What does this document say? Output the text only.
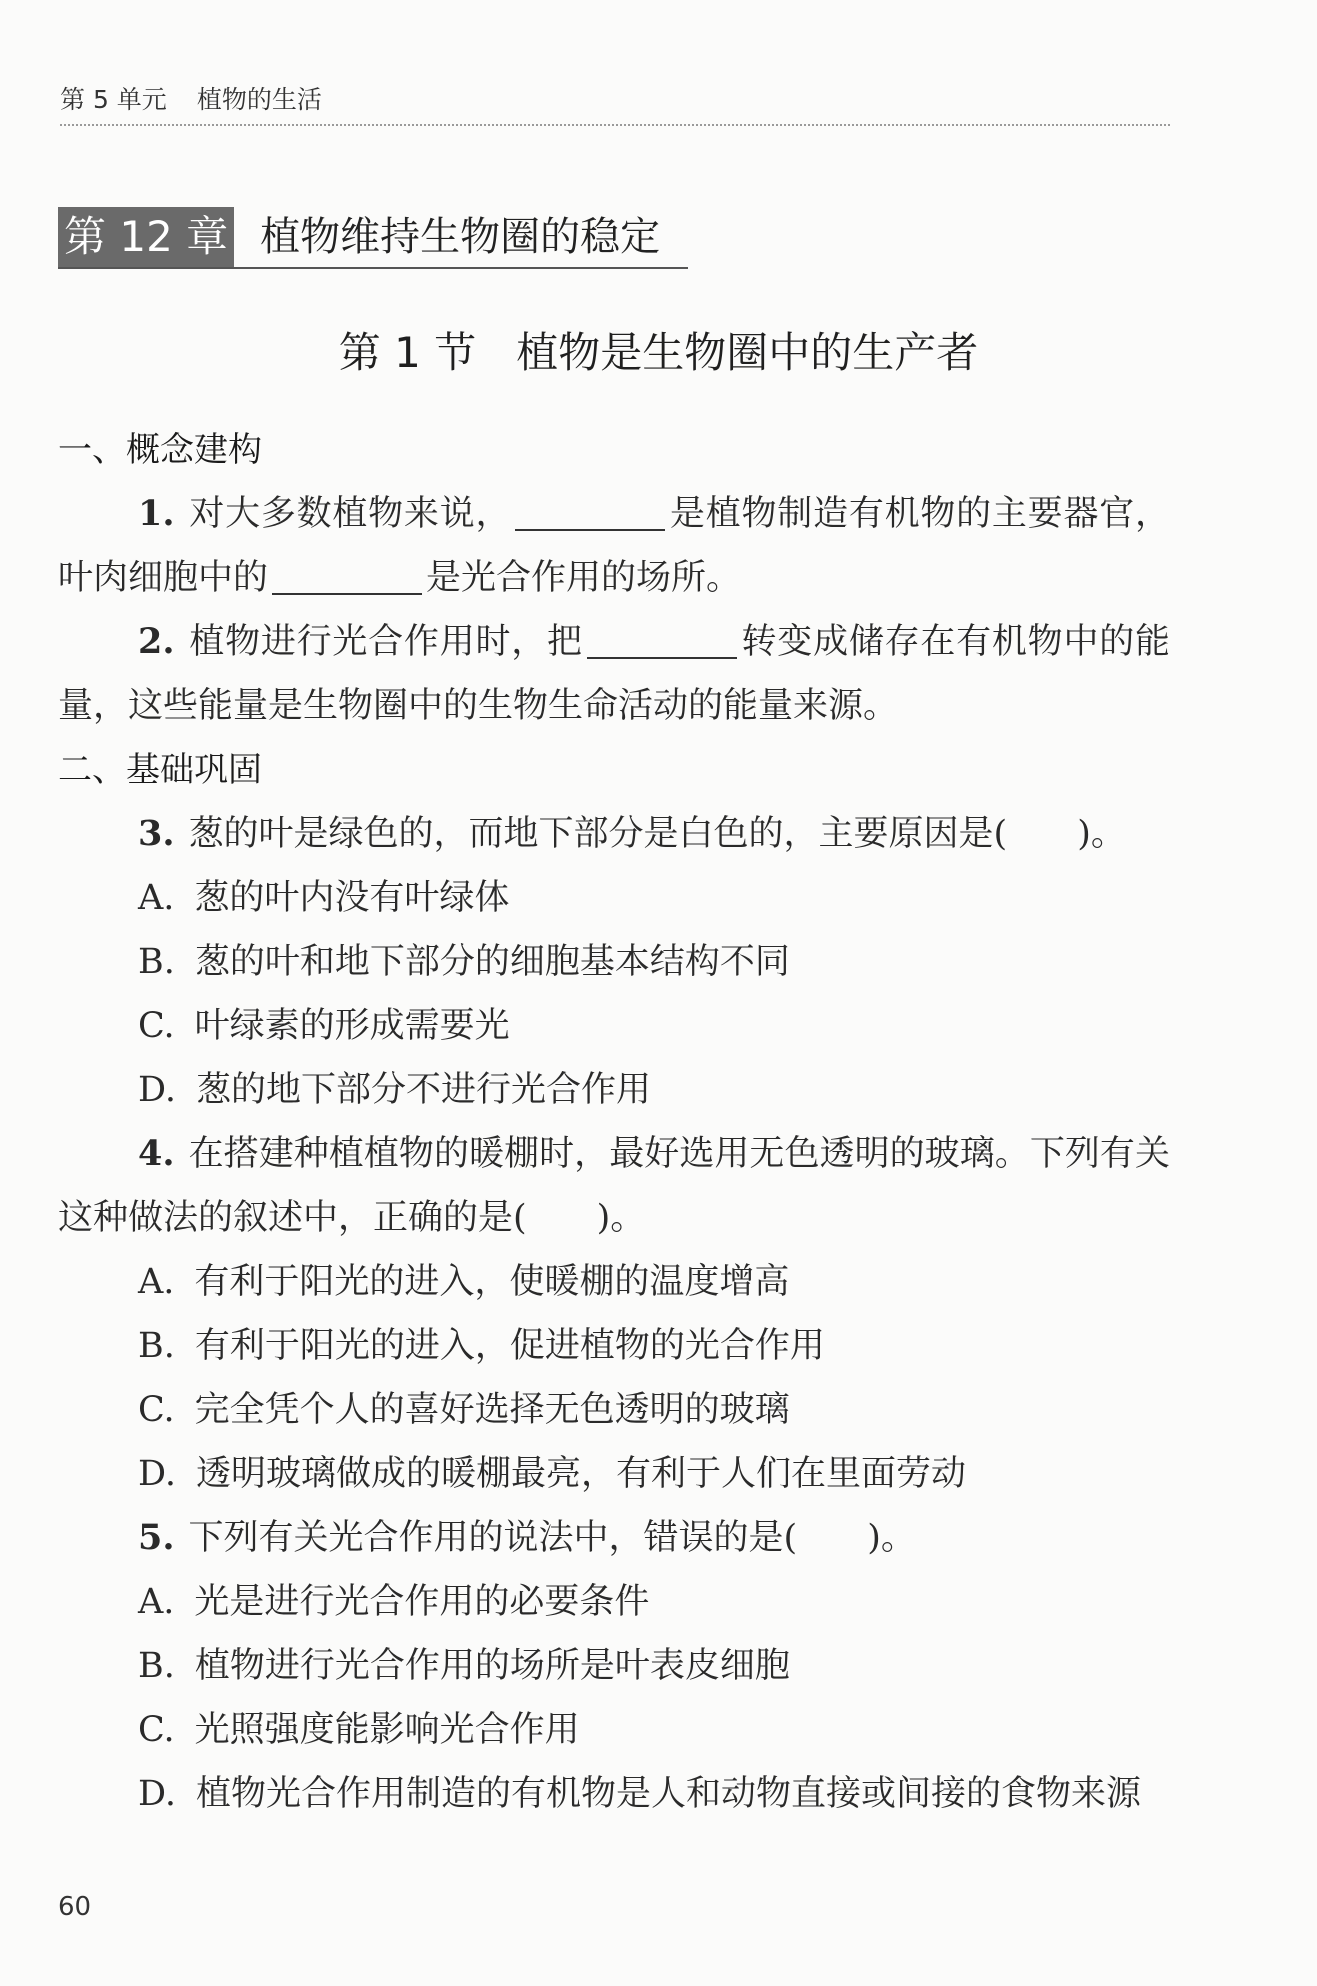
第 5 单元 植物的生活
第 12 章 植物维持生物圈的稳定
第 1 节 植物是生物圈中的生产者

一、概念建构

1. 对大多数植物来说，	是植物制造有机物的主要器官，叶肉细胞中的	是光合作用的场所。

2. 植物进行光合作用时，把	转变成储存在有机物中的能量，这些能量是生物圈中的生物生命活动的能量来源。

二、基础巩固

3. 葱的叶是绿色的，而地下部分是白色的，主要原因是(　　)。

A. 葱的叶内没有叶绿体

B. 葱的叶和地下部分的细胞基本结构不同

C. 叶绿素的形成需要光

D. 葱的地下部分不进行光合作用

4. 在搭建种植植物的暖棚时，最好选用无色透明的玻璃。下列有关这种做法的叙述中，正确的是(　　)。

A. 有利于阳光的进入，使暖棚的温度增高

B. 有利于阳光的进入，促进植物的光合作用

C. 完全凭个人的喜好选择无色透明的玻璃

D. 透明玻璃做成的暖棚最亮，有利于人们在里面劳动

5. 下列有关光合作用的说法中，错误的是(　　)。

A. 光是进行光合作用的必要条件

B. 植物进行光合作用的场所是叶表皮细胞

C. 光照强度能影响光合作用

D. 植物光合作用制造的有机物是人和动物直接或间接的食物来源

60
